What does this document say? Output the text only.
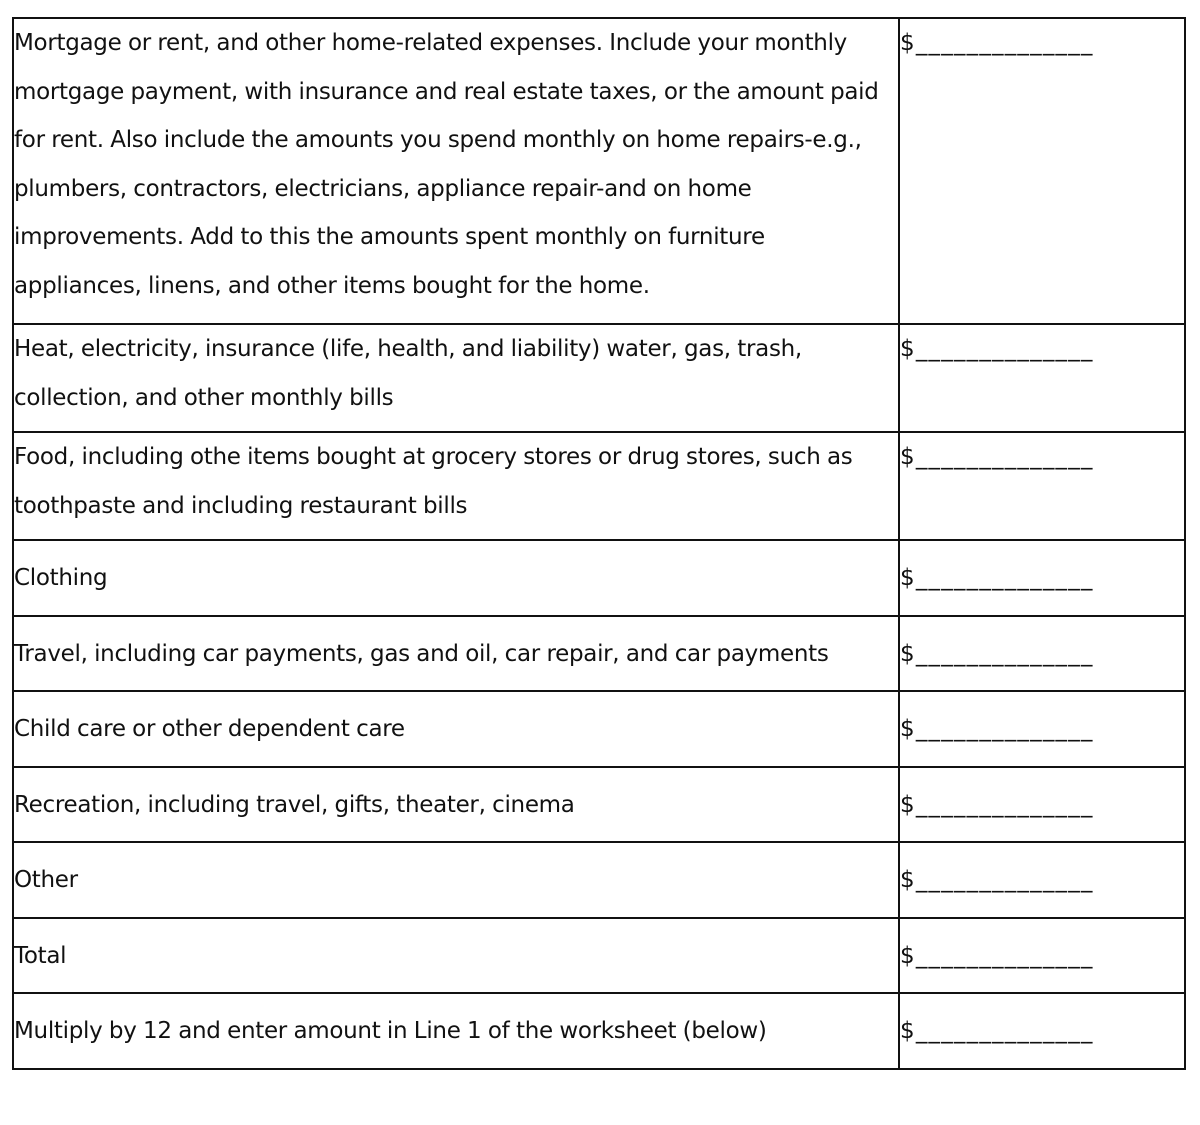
Mortgage or rent, and other home-related expenses. Include your monthly mortgage payment, with insurance and real estate taxes, or the amount paid for rent. Also include the amounts you spend monthly on home repairs-e.g., plumbers, contractors, electricians, appliance repair-and on home improvements. Add to this the amounts spent monthly on furniture appliances, linens, and other items bought for the home.	$______________
Heat, electricity, insurance (life, health, and liability) water, gas, trash, collection, and other monthly bills	$______________
Food, including othe items bought at grocery stores or drug stores, such as toothpaste and including restaurant bills	$______________
Clothing	$______________
Travel, including car payments, gas and oil, car repair, and car payments	$______________
Child care or other dependent care	$______________
Recreation, including travel, gifts, theater, cinema	$______________
Other	$______________
Total	$______________
Multiply by 12 and enter amount in Line 1 of the worksheet (below)	$______________
